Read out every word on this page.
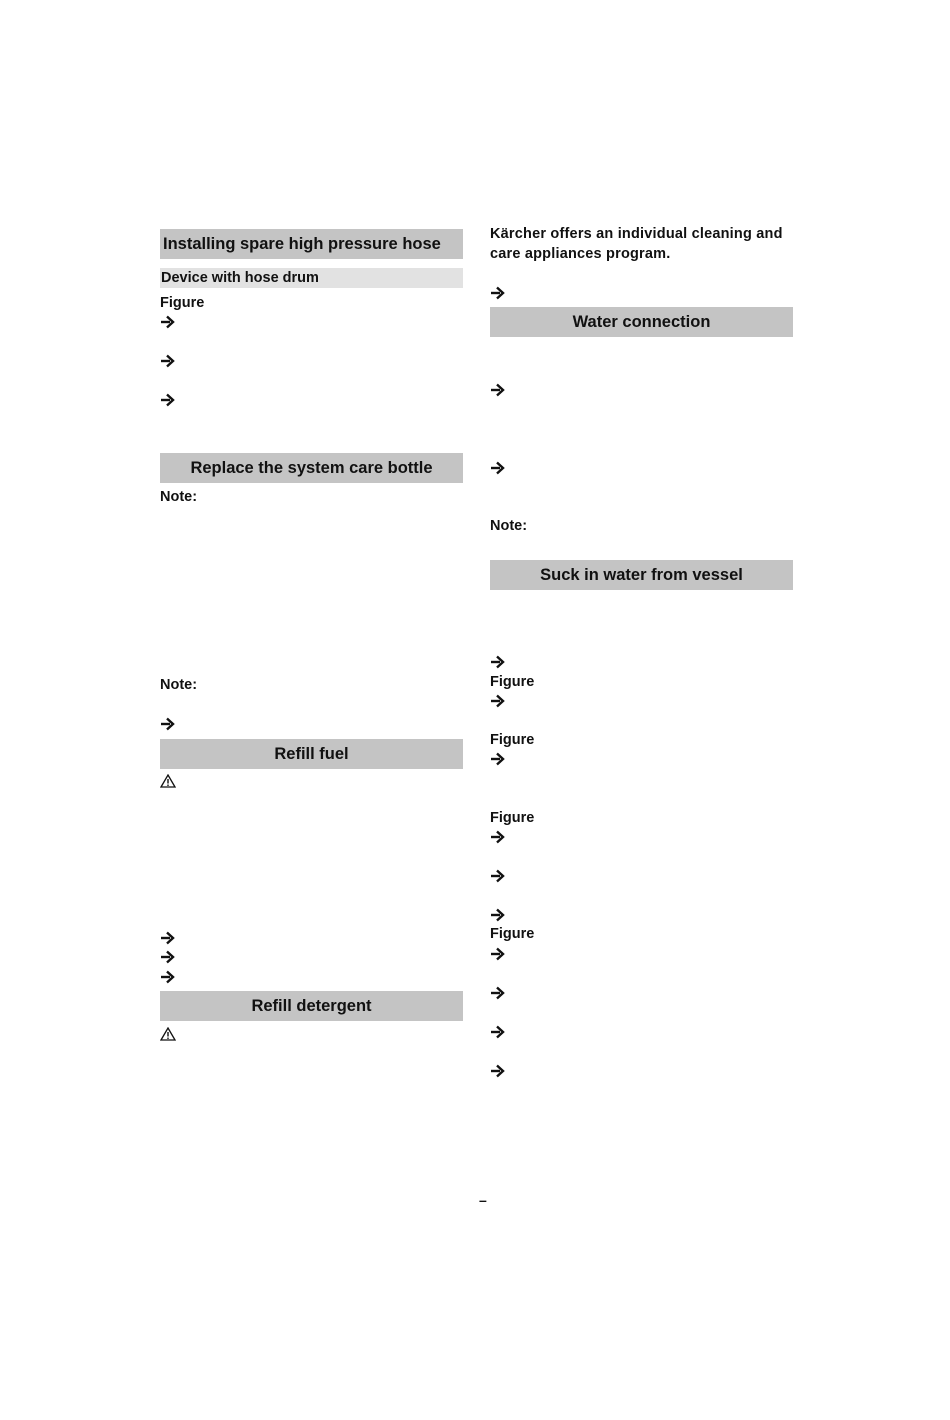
Installing spare high pressure hose
Device with hose drum
Figure
Replace the system care bottle
Note:
Note:
Refill fuel
Refill detergent
Kärcher offers an individual cleaning and care appliances program.
Water connection
Note:
Suck in water from vessel
Figure
Figure
Figure
Figure
–
